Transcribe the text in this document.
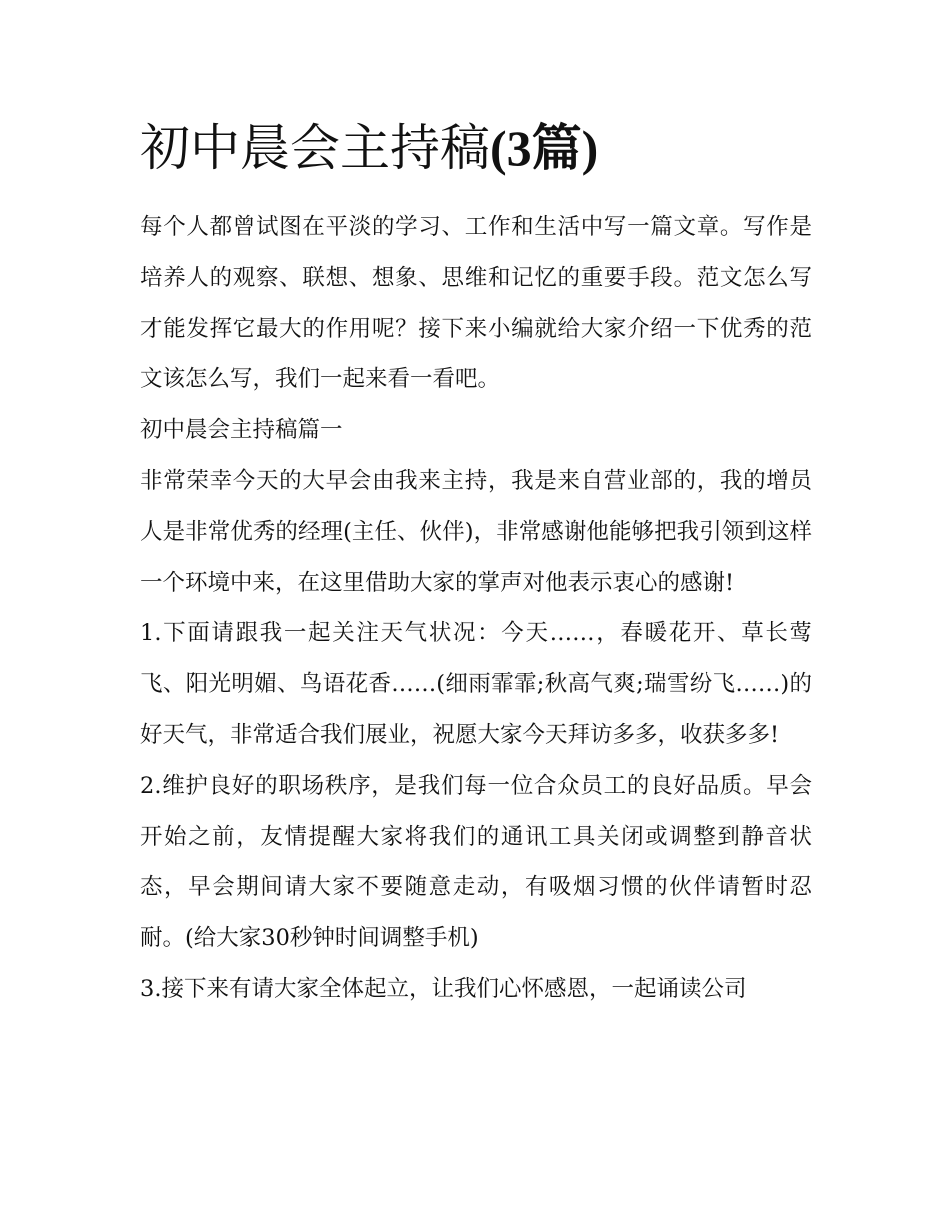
初中晨会主持稿(3篇)

每个人都曾试图在平淡的学习、工作和生活中写一篇文章。写作是培养人的观察、联想、想象、思维和记忆的重要手段。范文怎么写才能发挥它最大的作用呢？接下来小编就给大家介绍一下优秀的范文该怎么写，我们一起来看一看吧。

初中晨会主持稿篇一

非常荣幸今天的大早会由我来主持，我是来自营业部的，我的增员人是非常优秀的经理(主任、伙伴)，非常感谢他能够把我引领到这样一个环境中来，在这里借助大家的掌声对他表示衷心的感谢!

1.下面请跟我一起关注天气状况：今天……，春暖花开、草长莺飞、阳光明媚、鸟语花香……(细雨霏霏;秋高气爽;瑞雪纷飞……)的好天气，非常适合我们展业，祝愿大家今天拜访多多，收获多多!

2.维护良好的职场秩序，是我们每一位合众员工的良好品质。早会开始之前，友情提醒大家将我们的通讯工具关闭或调整到静音状态，早会期间请大家不要随意走动，有吸烟习惯的伙伴请暂时忍耐。(给大家30秒钟时间调整手机)

3.接下来有请大家全体起立，让我们心怀感恩，一起诵读公司
